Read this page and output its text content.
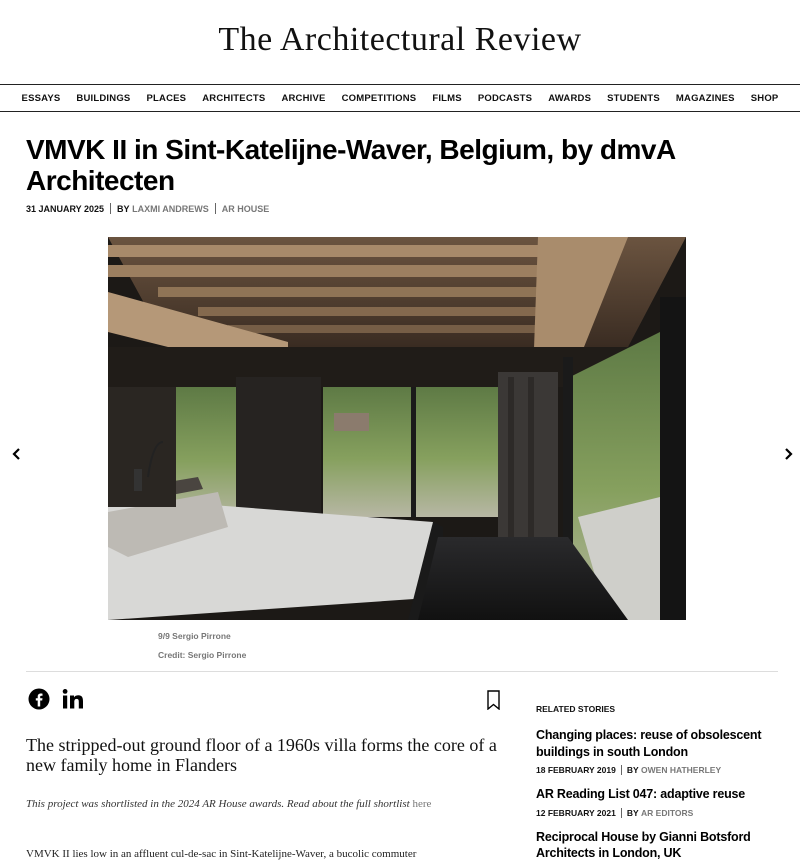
The Architectural Review
ESSAYS	BUILDINGS	PLACES	ARCHITECTS	ARCHIVE	COMPETITIONS	FILMS	PODCASTS	AWARDS	STUDENTS	MAGAZINES	SHOP
VMVK II in Sint-Katelijne-Waver, Belgium, by dmvA Architecten
31 JANUARY 2025 BY
LAXMI ANDREWS AR HOUSE
9/9 Sergio Pirrone
Credit: Sergio Pirrone

The stripped-out ground floor of a 1960s villa forms the core of a new family home in Flanders

This project was shortlisted in the 2024 AR House awards. Read about the full shortlist here

VMVK II lies low in an affluent cul-de-sac in Sint-Katelijne-Waver, a bucolic commuter

RELATED STORIES
Changing places: reuse of obsolescent buildings in south London
18 FEBRUARY 2019 BY
OWEN HATHERLEY
AR Reading List 047: adaptive reuse
12 FEBRUARY 2021 BY
AR EDITORS
Reciprocal House by Gianni Botsford Architects in London, UK
